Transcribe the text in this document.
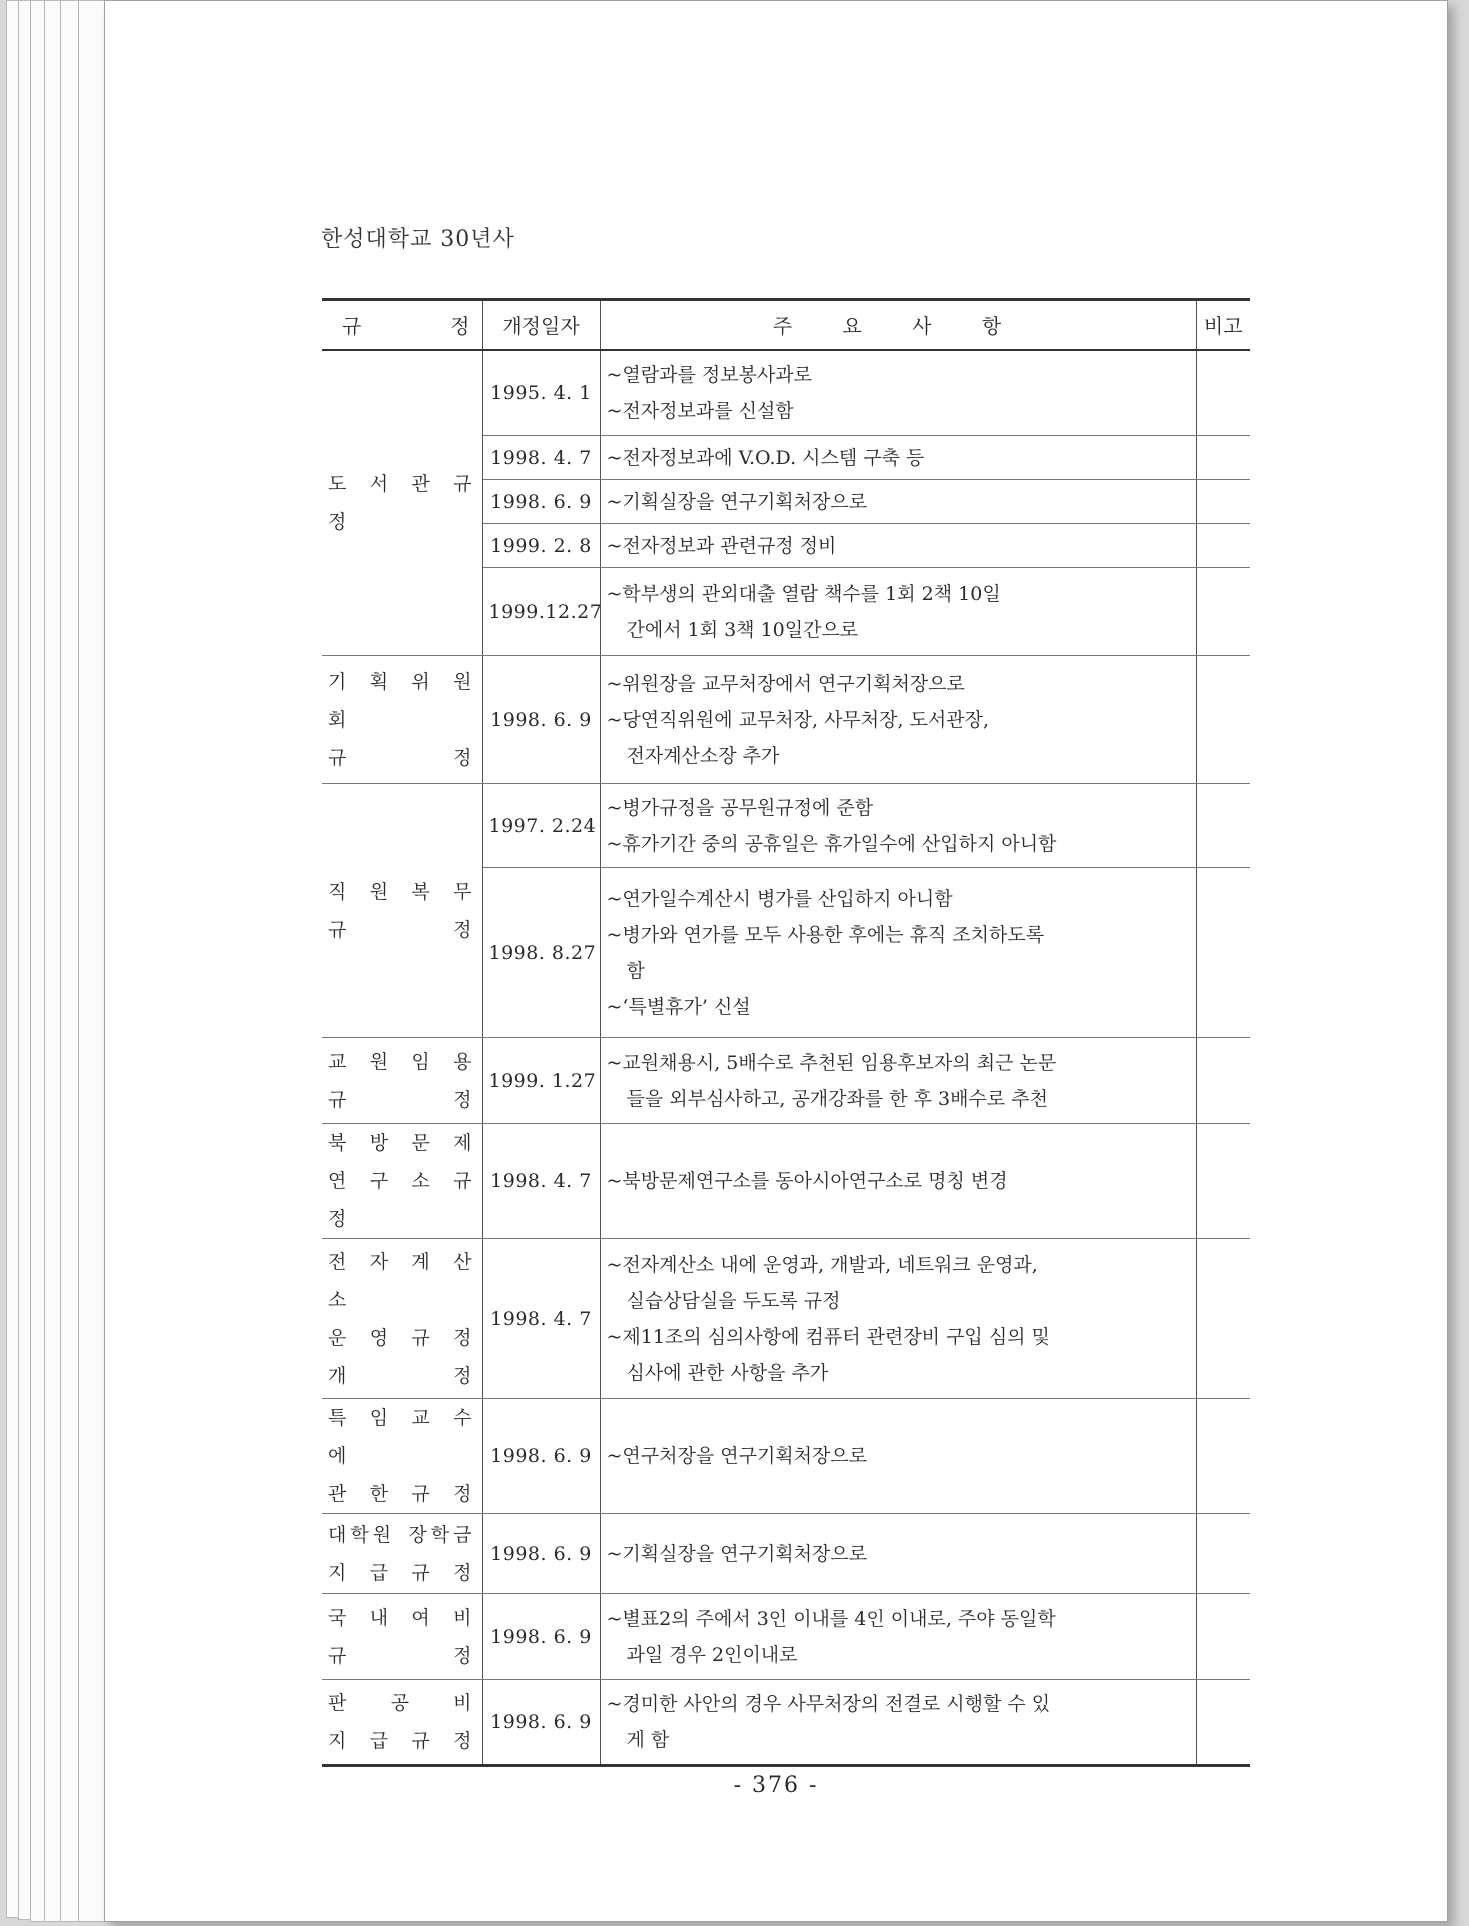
- 376 -
한성대학교 30년사
규 정	개정일자	주 요 사 항	비고

도 서 관 규 정	1995. 4. 1	~열람과를 정보봉사과로
~전자정보과를 신설함	

	1998. 4. 7	~전자정보과에 V.O.D. 시스템 구축 등	

	1998. 6. 9	~기획실장을 연구기획처장으로	

	1999. 2. 8	~전자정보과 관련규정 정비	

	1999.12.27	~학부생의 관외대출 열람 책수를 1회 2책 10일
간에서 1회 3책 10일간으로	

기 획 위 원 회
규 정	1998. 6. 9	~위원장을 교무처장에서 연구기획처장으로
~당연직위원에 교무처장, 사무처장, 도서관장,
전자계산소장 추가	

직 원 복 무
규 정	1997. 2.24	~병가규정을 공무원규정에 준함
~휴가기간 중의 공휴일은 휴가일수에 산입하지 아니함	

	1998. 8.27	~연가일수계산시 병가를 산입하지 아니함
~병가와 연가를 모두 사용한 후에는 휴직 조치하도록
함
~‘특별휴가’ 신설	

교 원 임 용
규 정	1999. 1.27	~교원채용시, 5배수로 추천된 임용후보자의 최근 논문
들을 외부심사하고, 공개강좌를 한 후 3배수로 추천	

북 방 문 제
연 구 소 규 정	1998. 4. 7	~북방문제연구소를 동아시아연구소로 명칭 변경	

전 자 계 산 소
운 영 규 정
개 정	1998. 4. 7	~전자계산소 내에 운영과, 개발과, 네트워크 운영과,
실습상담실을 두도록 규정
~제11조의 심의사항에 컴퓨터 관련장비 구입 심의 및
심사에 관한 사항을 추가	

특 임 교 수 에
관 한 규 정	1998. 6. 9	~연구처장을 연구기획처장으로	

대학원 장학금
지 급 규 정	1998. 6. 9	~기획실장을 연구기획처장으로	

국 내 여 비
규 정	1998. 6. 9	~별표2의 주에서 3인 이내를 4인 이내로, 주야 동일학
과일 경우 2인이내로	

판 공 비
지 급 규 정	1998. 6. 9	~경미한 사안의 경우 사무처장의 전결로 시행할 수 있
게 함	
